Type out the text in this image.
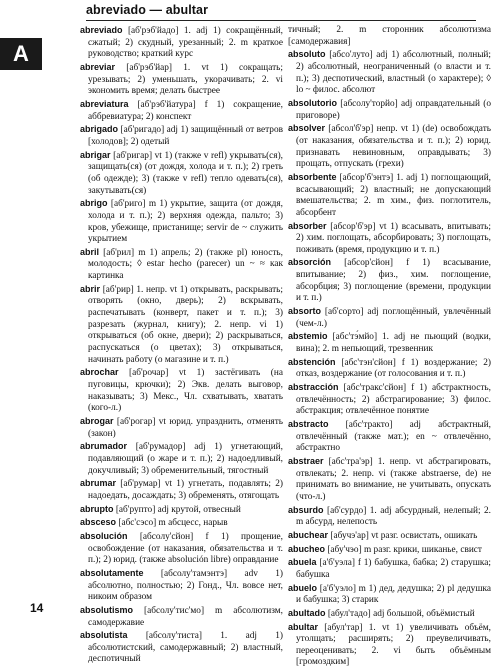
abreviado — abultar
A

abreviado [аб'рэб'йадо] 1. adj 1) сокращённый, сжатый; 2) скудный, урезанный; 2. m краткое руководство; краткий курс

abreviar [аб'рэб'йар] 1. vt 1) сокращать; урезывать; 2) уменьшать, укорачивать; 2. vi экономить время; делать быстрее

abreviatura [аб'рэб'йатура] f 1) сокращение, аббревиатура; 2) конспект

abrigado [аб'ригадо] adj 1) защищённый от ветров [холодов]; 2) одетый

abrigar [аб'ригар] vt 1) (также v refl) укрывать(ся), защищать(ся) (от дождя, холода и т. п.); 2) греть (об одежде); 3) (также v refl) тепло одевать(ся), закутывать(ся)

abrigo [аб'риго] m 1) укрытие, защита (от дождя, холода и т. п.); 2) верхняя одежда, пальто; 3) кров, убежище, пристанище; servir de ~ служить укрытием

abril [аб'рил] m 1) апрель; 2) (также pl) юность, молодость; ◊ estar hecho (parecer) un ~ ≈ как картинка

abrir [аб'рир] 1. непр. vt 1) открывать, раскрывать; отворять (окно, дверь); 2) вскрывать, распечатывать (конверт, пакет и т. п.); 3) разрезать (журнал, книгу); 2. непр. vi 1) открываться (об окне, двери); 2) раскрываться, распускаться (о цветах); 3) открываться, начинать работу (о магазине и т. п.)

abrochar [аб'рочар] vt 1) застёгивать (на пуговицы, крючки); 2) Экв. делать выговор, наказывать; 3) Мекс., Чл. схватывать, хватать (кого-л.)

abrogar [аб'рогар] vt юрид. упразднить, отменять (закон)

abrumador [аб'румадор] adj 1) угнетающий, подавляющий (о жаре и т. п.); 2) надоедливый, докучливый; 3) обременительный, тягостный

abrumar [аб'румар] vt 1) угнетать, подавлять; 2) надоедать, досаждать; 3) обременять, отягощать

abrupto [аб'рупто] adj крутой, отвесный

absceso [абс'сэсо] m абсцесс, нарыв

absolución [абсолу'сйон] f 1) прощение, освобождение (от наказания, обязательства и т. п.); 2) юрид. (также absolución libre) оправдание

absolutamente [абсолу'тамэнтэ] adv 1) абсолютно, полностью; 2) Гонд., Чл. вовсе нет, никоим образом

absolutismo [абсолу'тис'мо] m абсолютизм, самодержавие

absolutista [абсолу'тиста] 1. adj 1) абсолютистский, самодержавный; 2) властный, деспотичный

тичный; 2. m сторонник абсолютизма [самодержавия]

absoluto [абсо'луто] adj 1) абсолютный, полный; 2) абсолютный, неограниченный (о власти и т. п.); 3) деспотический, властный (о характере); ◊ lo ~ филос. абсолют

absolutorio [абсолу'торйо] adj оправдательный (о приговоре)

absolver [абсол'б'эр] непр. vt 1) (de) освобождать (от наказания, обязательства и т. п.); 2) юрид. признавать невиновным, оправдывать; 3) прощать, отпускать (грехи)

absorbente [абсор'б'энтэ] 1. adj 1) поглощающий, всасывающий; 2) властный; не допускающий вмешательства; 2. m хим., физ. поглотитель, абсорбент

absorber [абсор'б'эр] vt 1) всасывать, впитывать; 2) хим. поглощать, абсорбировать; 3) поглощать, поживать (время, продукцию и т. п.)

absorción [абсор'сйон] f 1) всасывание, впитывание; 2) физ., хим. поглощение, абсорбция; 3) поглощение (времени, продукции и т. п.)

absorto [аб'сорто] adj поглощённый, увлечённый (чем-л.)

abstemio [абс'тэ́мйо] 1. adj не пьющий (водки, вина); 2. m непьющий, трезвенник

abstención [абс'тэн'сйон] f 1) воздержание; 2) отказ, воздержание (от голосования и т. п.)

abstracción [абс'тракс'сйон] f 1) абстрактность, отвлечённость; 2) абстрагирование; 3) филос. абстракция; отвлечённое понятие

abstracto [абс'тракто] adj абстрактный, отвлечённый (также мат.); en ~ отвлечённо, абстрактно

abstraer [абс'тра'эр] 1. непр. vt абстрагировать, отвлекать; 2. непр. vi (также abstraerse, de) не принимать во внимание, не учитывать, опускать (что-л.)

absurdo [аб'сурдо] 1. adj абсурдный, нелепый; 2. m абсурд, нелепость

abuchear [абучэ'ар] vt разг. освистать, ошикать

abucheo [абу'чэо] m разг. крики, шиканье, свист

abuela [а'б'уэла] f 1) бабушка, бабка; 2) старушка; бабушка

abuelo [а'б'уэло] m 1) дед, дедушка; 2) pl дедушка и бабушка; 3) старик

abultado [абул'тадо] adj большой, объёмистый

abultar [абул'тар] 1. vt 1) увеличивать объём, утолщать; расширять; 2) преувеличивать, переоценивать; 2. vi быть объёмным [громоздким]

14
